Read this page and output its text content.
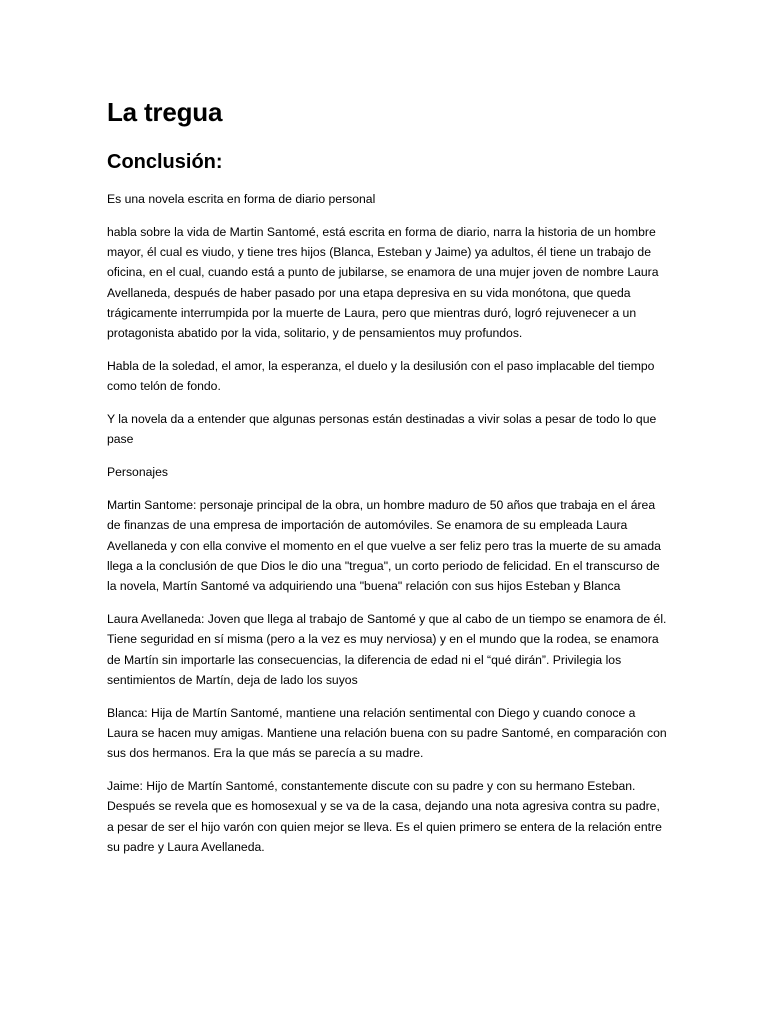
La tregua
Conclusión:

Es una novela escrita en forma de diario personal

habla sobre la vida de Martin Santomé, está escrita en forma de diario, narra la historia de un hombre mayor, él cual es viudo, y tiene tres hijos (Blanca, Esteban y Jaime) ya adultos, él tiene un trabajo de oficina, en el cual, cuando está a punto de jubilarse, se enamora de una mujer joven de nombre Laura Avellaneda, después de haber pasado por una etapa depresiva en su vida monótona, que queda trágicamente interrumpida por la muerte de Laura, pero que mientras duró, logró rejuvenecer a un protagonista abatido por la vida, solitario, y de pensamientos muy profundos.

Habla de la soledad, el amor, la esperanza, el duelo y la desilusión con el paso implacable del tiempo como telón de fondo.

Y la novela da a entender que algunas personas están destinadas a vivir solas a pesar de todo lo que pase

Personajes

Martin Santome: personaje principal de la obra, un hombre maduro de 50 años que trabaja en el área de finanzas de una empresa de importación de automóviles. Se enamora de su empleada Laura Avellaneda y con ella convive el momento en el que vuelve a ser feliz pero tras la muerte de su amada llega a la conclusión de que Dios le dio una "tregua", un corto periodo de felicidad. En el transcurso de la novela, Martín Santomé va adquiriendo una "buena" relación con sus hijos Esteban y Blanca

Laura Avellaneda: Joven que llega al trabajo de Santomé y que al cabo de un tiempo se enamora de él. Tiene seguridad en sí misma (pero a la vez es muy nerviosa) y en el mundo que la rodea, se enamora de Martín sin importarle las consecuencias, la diferencia de edad ni el “qué dirán”. Privilegia los sentimientos de Martín, deja de lado los suyos

Blanca: Hija de Martín Santomé, mantiene una relación sentimental con Diego y cuando conoce a Laura se hacen muy amigas. Mantiene una relación buena con su padre Santomé, en comparación con sus dos hermanos. Era la que más se parecía a su madre.

Jaime: Hijo de Martín Santomé, constantemente discute con su padre y con su hermano Esteban. Después se revela que es homosexual y se va de la casa, dejando una nota agresiva contra su padre, a pesar de ser el hijo varón con quien mejor se lleva. Es el quien primero se entera de la relación entre su padre y Laura Avellaneda.
